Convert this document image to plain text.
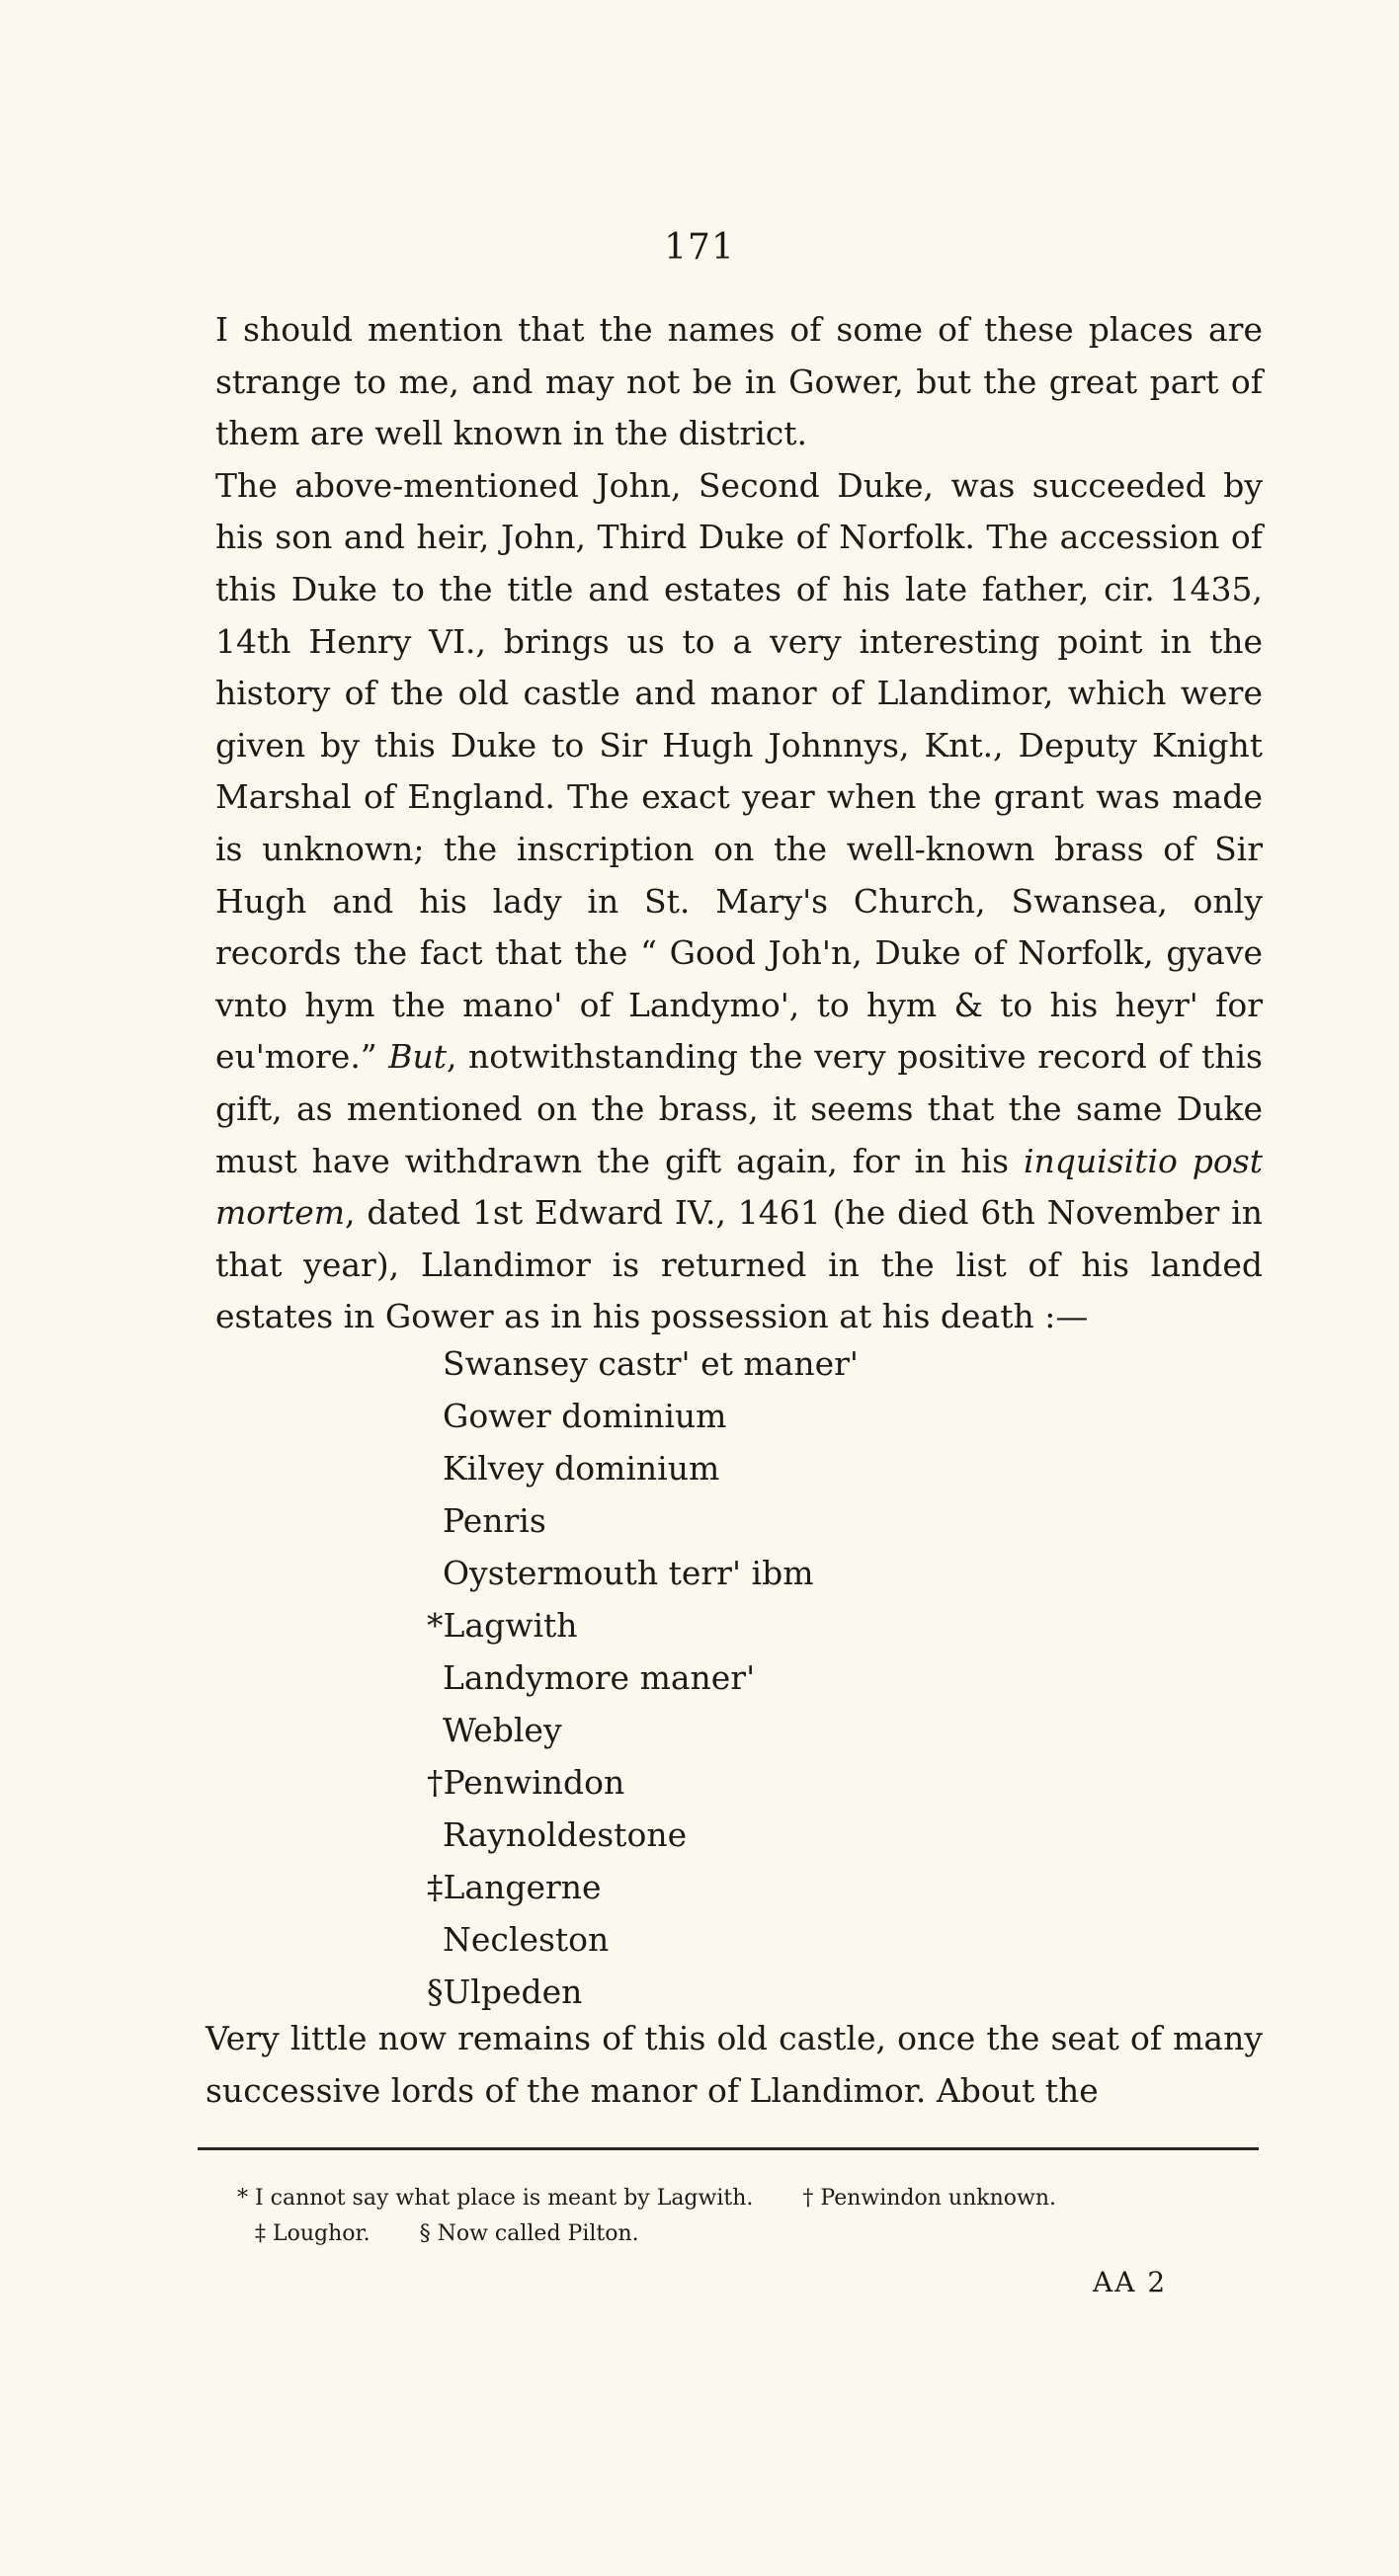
171

I should mention that the names of some of these places are strange to me, and may not be in Gower, but the great part of them are well known in the district.

The above-mentioned John, Second Duke, was succeeded by his son and heir, John, Third Duke of Norfolk. The accession of this Duke to the title and estates of his late father, cir. 1435, 14th Henry VI., brings us to a very interesting point in the history of the old castle and manor of Llandimor, which were given by this Duke to Sir Hugh Johnnys, Knt., Deputy Knight Marshal of England. The exact year when the grant was made is unknown; the inscription on the well-known brass of Sir Hugh and his lady in St. Mary's Church, Swansea, only records the fact that the “ Good Joh'n, Duke of Norfolk, gyave vnto hym the mano' of Landymo', to hym & to his heyr' for eu'more.” But, notwithstanding the very positive record of this gift, as mentioned on the brass, it seems that the same Duke must have withdrawn the gift again, for in his inquisitio post mortem, dated 1st Edward IV., 1461 (he died 6th November in that year), Llandimor is returned in the list of his landed estates in Gower as in his possession at his death :—

Swansey castr' et maner'
Gower dominium
Kilvey dominium
Penris
Oystermouth terr' ibm
*Lagwith
Landymore maner'
Webley
†Penwindon
Raynoldestone
‡Langerne
Necleston
§Ulpeden
Very little now remains of this old castle, once the seat of many successive lords of the manor of Llandimor. About the
* I cannot say what place is meant by Lagwith. † Penwindon unknown.
‡ Loughor. § Now called Pilton.
AA 2
